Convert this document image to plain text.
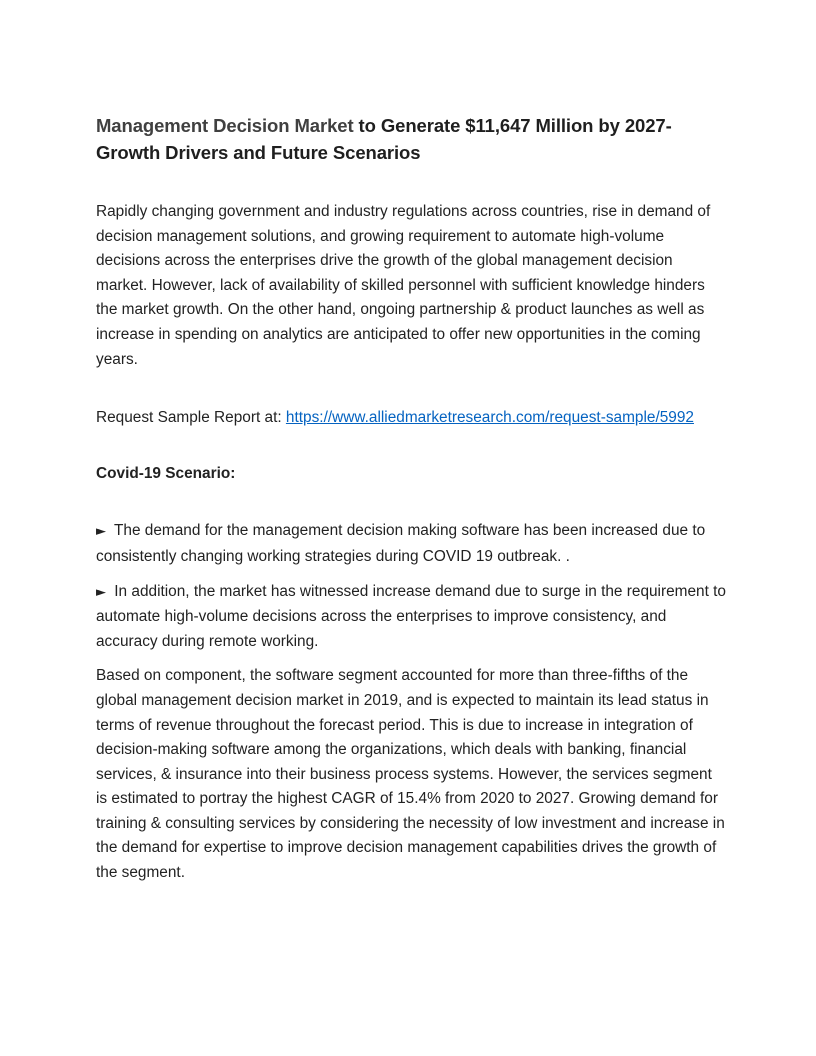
Management Decision Market to Generate $11,647 Million by 2027-Growth Drivers and Future Scenarios

Rapidly changing government and industry regulations across countries, rise in demand of decision management solutions, and growing requirement to automate high-volume decisions across the enterprises drive the growth of the global management decision market. However, lack of availability of skilled personnel with sufficient knowledge hinders the market growth. On the other hand, ongoing partnership & product launches as well as increase in spending on analytics are anticipated to offer new opportunities in the coming years.

Request Sample Report at: https://www.alliedmarketresearch.com/request-sample/5992

Covid-19 Scenario:

► The demand for the management decision making software has been increased due to consistently changing working strategies during COVID 19 outbreak. .

► In addition, the market has witnessed increase demand due to surge in the requirement to automate high-volume decisions across the enterprises to improve consistency, and accuracy during remote working.

Based on component, the software segment accounted for more than three-fifths of the global management decision market in 2019, and is expected to maintain its lead status in terms of revenue throughout the forecast period. This is due to increase in integration of decision-making software among the organizations, which deals with banking, financial services, & insurance into their business process systems. However, the services segment is estimated to portray the highest CAGR of 15.4% from 2020 to 2027. Growing demand for training & consulting services by considering the necessity of low investment and increase in the demand for expertise to improve decision management capabilities drives the growth of the segment.
